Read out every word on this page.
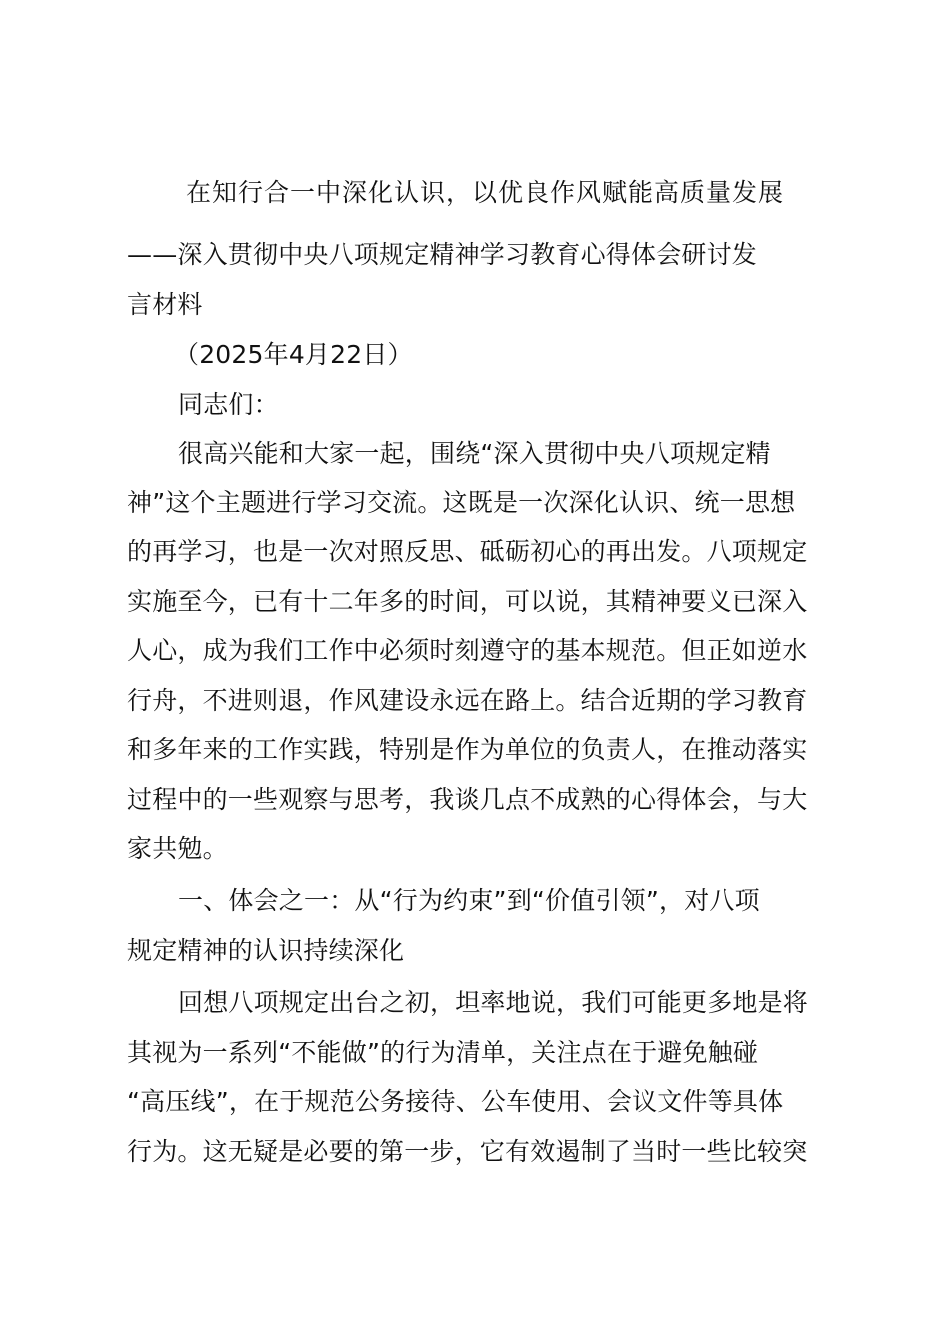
在知行合一中深化认识，以优良作风赋能高质量发展
——深入贯彻中央八项规定精神学习教育心得体会研讨发
言材料
（2025年4月22日）
同志们：
很高兴能和大家一起，围绕“深入贯彻中央八项规定精
神”这个主题进行学习交流。这既是一次深化认识、统一思想
的再学习，也是一次对照反思、砥砺初心的再出发。八项规定
实施至今，已有十二年多的时间，可以说，其精神要义已深入
人心，成为我们工作中必须时刻遵守的基本规范。但正如逆水
行舟，不进则退，作风建设永远在路上。结合近期的学习教育
和多年来的工作实践，特别是作为单位的负责人，在推动落实
过程中的一些观察与思考，我谈几点不成熟的心得体会，与大
家共勉。
一、体会之一：从“行为约束”到“价值引领”，对八项
规定精神的认识持续深化
回想八项规定出台之初，坦率地说，我们可能更多地是将
其视为一系列“不能做”的行为清单，关注点在于避免触碰
“高压线”，在于规范公务接待、公车使用、会议文件等具体
行为。这无疑是必要的第一步，它有效遏制了当时一些比较突
